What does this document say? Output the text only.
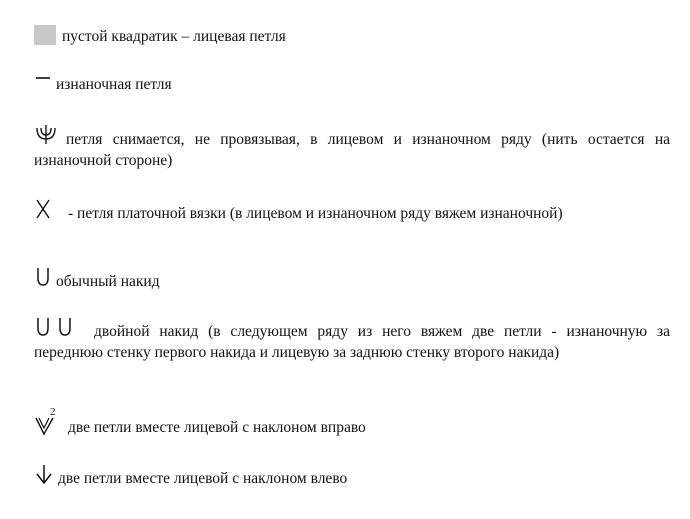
пустой квадратик – лицевая петля
изнаночная петля
петля снимается, не провязывая, в лицевом и изнаночном ряду (нить остается на изнаночной стороне)
- петля платочной вязки (в лицевом и изнаночном ряду вяжем изнаночной)
обычный накид
двойной накид (в следующем ряду из него вяжем две петли - изнаночную за переднюю стенку первого накида и лицевую за заднюю стенку второго накида)
2
две петли вместе лицевой с наклоном вправо
две петли вместе лицевой с наклоном влево
